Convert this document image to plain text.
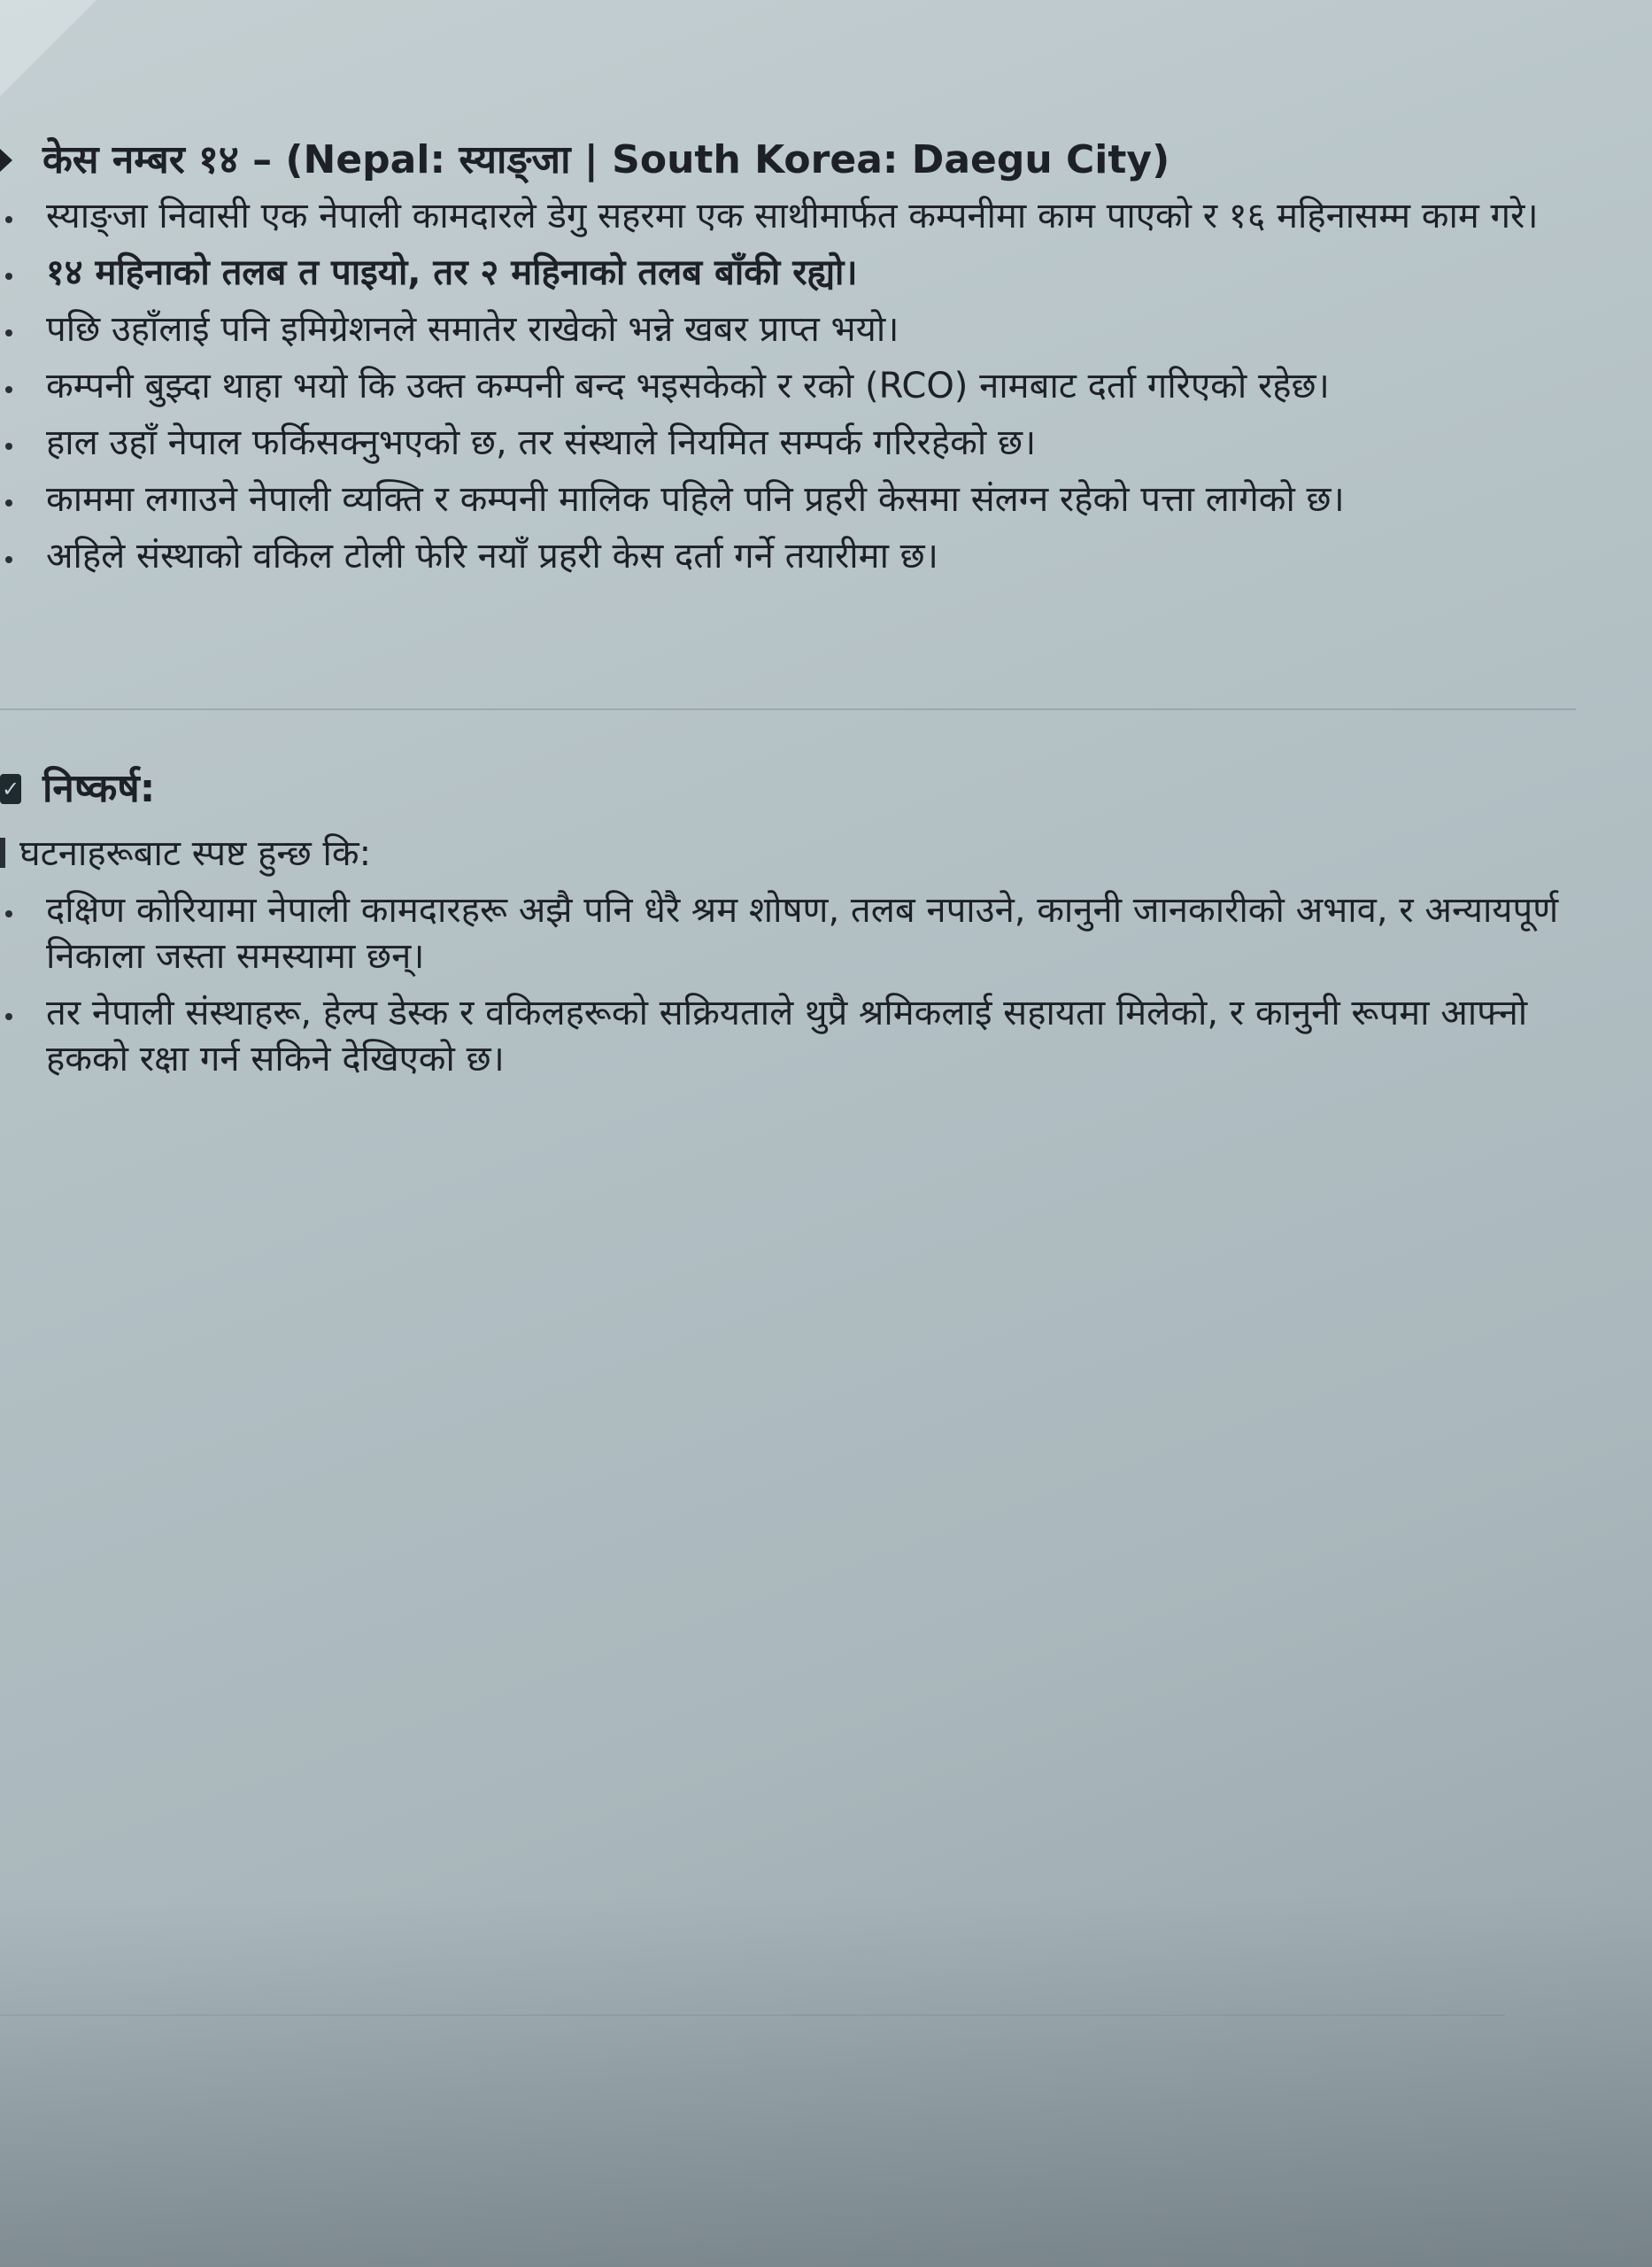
केस नम्बर १४ – (Nepal: स्याङ्जा | South Korea: Daegu City)
स्याङ्जा निवासी एक नेपाली कामदारले डेगु सहरमा एक साथीमार्फत कम्पनीमा काम पाएको र १६ महिनासम्म काम गरे।
१४ महिनाको तलब त पाइयो, तर २ महिनाको तलब बाँकी रह्यो।
पछि उहाँलाई पनि इमिग्रेशनले समातेर राखेको भन्ने खबर प्राप्त भयो।
कम्पनी बुझ्दा थाहा भयो कि उक्त कम्पनी बन्द भइसकेको र रको (RCO) नामबाट दर्ता गरिएको रहेछ।
हाल उहाँ नेपाल फर्किसक्नुभएको छ, तर संस्थाले नियमित सम्पर्क गरिरहेको छ।
काममा लगाउने नेपाली व्यक्ति र कम्पनी मालिक पहिले पनि प्रहरी केसमा संलग्न रहेको पत्ता लागेको छ।
अहिले संस्थाको वकिल टोली फेरि नयाँ प्रहरी केस दर्ता गर्ने तयारीमा छ।
✓ निष्कर्ष:
घटनाहरूबाट स्पष्ट हुन्छ कि:
दक्षिण कोरियामा नेपाली कामदारहरू अझै पनि धेरै श्रम शोषण, तलब नपाउने, कानुनी जानकारीको अभाव, र अन्यायपूर्ण निकाला जस्ता समस्यामा छन्।
तर नेपाली संस्थाहरू, हेल्प डेस्क र वकिलहरूको सक्रियताले थुप्रै श्रमिकलाई सहायता मिलेको, र कानुनी रूपमा आफ्नो हकको रक्षा गर्न सकिने देखिएको छ।
